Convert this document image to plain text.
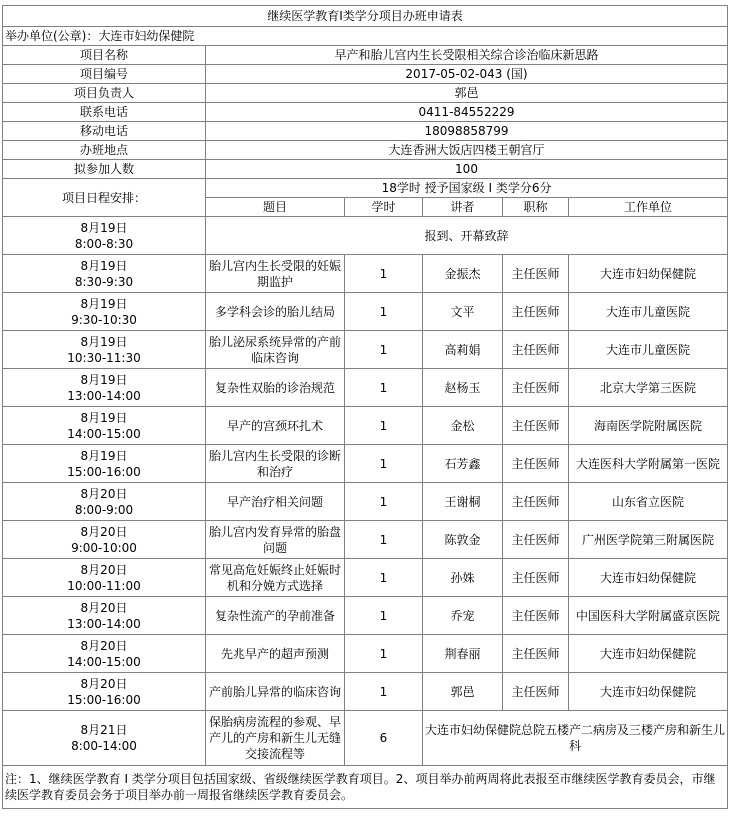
继续医学教育I类学分项目办班申请表					
举办单位(公章)：大连市妇幼保健院					
项目名称	早产和胎儿宫内生长受限相关综合诊治临床新思路				
项目编号	2017-05-02-043 (国)				
项目负责人	郭邑				
联系电话	0411-84552229				
移动电话	18098858799				
办班地点	大连香洲大饭店四楼王朝宫厅				
拟参加人数	100				
项目日程安排：	18学时 授予国家级 I 类学分6分				
	题目	学时	讲者	职称	工作单位
8月19日
8:00-8:30	报到、开幕致辞				
8月19日
8:30-9:30	胎儿宫内生长受限的妊娠期监护	1	金振杰	主任医师	大连市妇幼保健院
8月19日
9:30-10:30	多学科会诊的胎儿结局	1	文平	主任医师	大连市儿童医院
8月19日
10:30-11:30	胎儿泌尿系统异常的产前临床咨询	1	高莉娟	主任医师	大连市儿童医院
8月19日
13:00-14:00	复杂性双胎的诊治规范	1	赵杨玉	主任医师	北京大学第三医院
8月19日
14:00-15:00	早产的宫颈环扎术	1	金松	主任医师	海南医学院附属医院
8月19日
15:00-16:00	胎儿宫内生长受限的诊断和治疗	1	石芳鑫	主任医师	大连医科大学附属第一医院
8月20日
8:00-9:00	早产治疗相关问题	1	王谢桐	主任医师	山东省立医院
8月20日
9:00-10:00	胎儿宫内发育异常的胎盘问题	1	陈敦金	主任医师	广州医学院第三附属医院
8月20日
10:00-11:00	常见高危妊娠终止妊娠时机和分娩方式选择	1	孙姝	主任医师	大连市妇幼保健院
8月20日
13:00-14:00	复杂性流产的孕前准备	1	乔宠	主任医师	中国医科大学附属盛京医院
8月20日
14:00-15:00	先兆早产的超声预测	1	荆春丽	主任医师	大连市妇幼保健院
8月20日
15:00-16:00	产前胎儿异常的临床咨询	1	郭邑	主任医师	大连市妇幼保健院
8月21日
8:00-14:00	保胎病房流程的参观、早产儿的产房和新生儿无缝交接流程等	6	大连市妇幼保健院总院五楼产二病房及三楼产房和新生儿科		
注：1、继续医学教育 I 类学分项目包括国家级、省级继续医学教育项目。2、项目举办前两周将此表报至市继续医学教育委员会，市继续医学教育委员会务于项目举办前一周报省继续医学教育委员会。					
